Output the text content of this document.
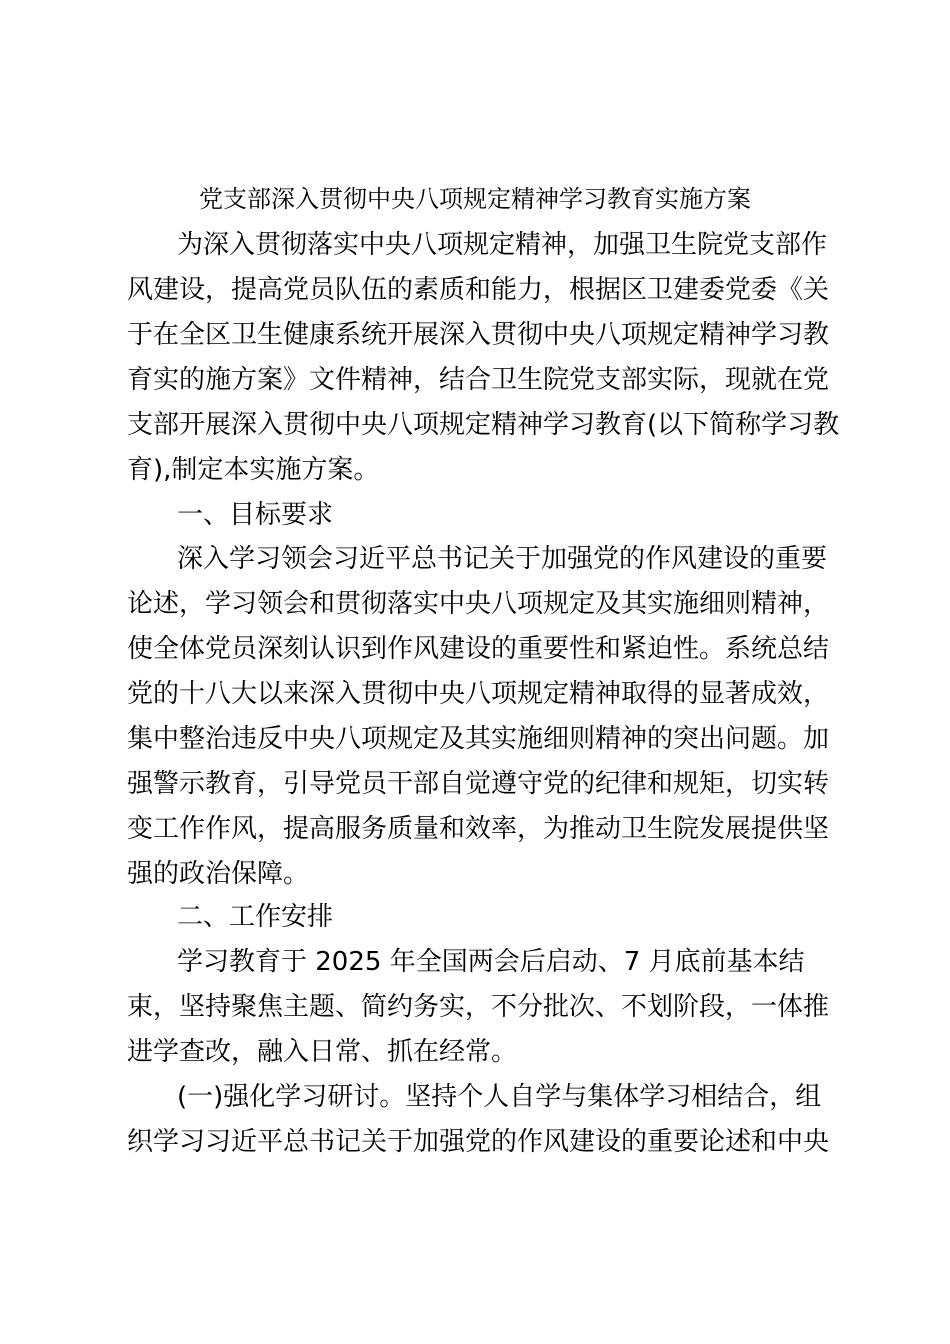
党支部深入贯彻中央八项规定精神学习教育实施方案
为深入贯彻落实中央八项规定精神，加强卫生院党支部作
风建设，提高党员队伍的素质和能力，根据区卫建委党委《关
于在全区卫生健康系统开展深入贯彻中央八项规定精神学习教
育实的施方案》文件精神，结合卫生院党支部实际，现就在党
支部开展深入贯彻中央八项规定精神学习教育(以下简称学习教
育),制定本实施方案。
一、目标要求
深入学习领会习近平总书记关于加强党的作风建设的重要
论述，学习领会和贯彻落实中央八项规定及其实施细则精神，
使全体党员深刻认识到作风建设的重要性和紧迫性。系统总结
党的十八大以来深入贯彻中央八项规定精神取得的显著成效，
集中整治违反中央八项规定及其实施细则精神的突出问题。加
强警示教育，引导党员干部自觉遵守党的纪律和规矩，切实转
变工作作风，提高服务质量和效率，为推动卫生院发展提供坚
强的政治保障。
二、工作安排
学习教育于 2025 年全国两会后启动、7 月底前基本结
束，坚持聚焦主题、简约务实，不分批次、不划阶段，一体推
进学查改，融入日常、抓在经常。
(一)强化学习研讨。坚持个人自学与集体学习相结合，组
织学习习近平总书记关于加强党的作风建设的重要论述和中央
